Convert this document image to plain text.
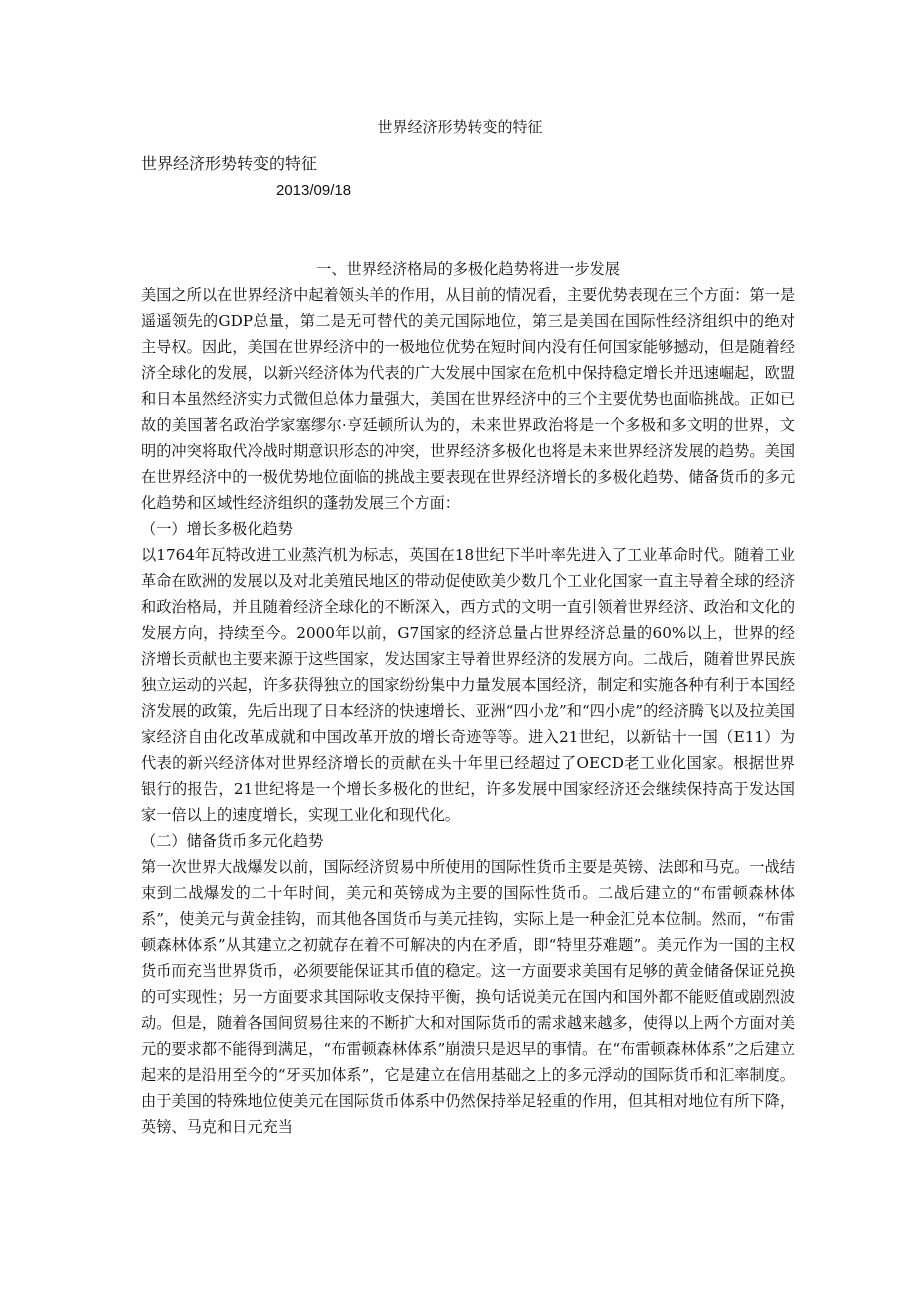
世界经济形势转变的特征
世界经济形势转变的特征
2013/09/18

一、世界经济格局的多极化趋势将进一步发展

美国之所以在世界经济中起着领头羊的作用，从目前的情况看，主要优势表现在三个方面：第一是遥遥领先的GDP总量，第二是无可替代的美元国际地位，第三是美国在国际性经济组织中的绝对主导权。因此，美国在世界经济中的一极地位优势在短时间内没有任何国家能够撼动，但是随着经济全球化的发展，以新兴经济体为代表的广大发展中国家在危机中保持稳定增长并迅速崛起，欧盟和日本虽然经济实力式微但总体力量强大，美国在世界经济中的三个主要优势也面临挑战。正如已故的美国著名政治学家塞缪尔·亨廷顿所认为的，未来世界政治将是一个多极和多文明的世界，文明的冲突将取代冷战时期意识形态的冲突，世界经济多极化也将是未来世界经济发展的趋势。美国在世界经济中的一极优势地位面临的挑战主要表现在世界经济增长的多极化趋势、储备货币的多元化趋势和区域性经济组织的蓬勃发展三个方面：

（一）增长多极化趋势

以1764年瓦特改进工业蒸汽机为标志，英国在18世纪下半叶率先进入了工业革命时代。随着工业革命在欧洲的发展以及对北美殖民地区的带动促使欧美少数几个工业化国家一直主导着全球的经济和政治格局，并且随着经济全球化的不断深入，西方式的文明一直引领着世界经济、政治和文化的发展方向，持续至今。2000年以前，G7国家的经济总量占世界经济总量的60%以上，世界的经济增长贡献也主要来源于这些国家，发达国家主导着世界经济的发展方向。二战后，随着世界民族独立运动的兴起，许多获得独立的国家纷纷集中力量发展本国经济，制定和实施各种有利于本国经济发展的政策，先后出现了日本经济的快速增长、亚洲“四小龙”和“四小虎”的经济腾飞以及拉美国家经济自由化改革成就和中国改革开放的增长奇迹等等。进入21世纪，以新钻十一国（E11）为代表的新兴经济体对世界经济增长的贡献在头十年里已经超过了OECD老工业化国家。根据世界银行的报告，21世纪将是一个增长多极化的世纪，许多发展中国家经济还会继续保持高于发达国家一倍以上的速度增长，实现工业化和现代化。

（二）储备货币多元化趋势

第一次世界大战爆发以前，国际经济贸易中所使用的国际性货币主要是英镑、法郎和马克。一战结束到二战爆发的二十年时间，美元和英镑成为主要的国际性货币。二战后建立的“布雷顿森林体系”，使美元与黄金挂钩，而其他各国货币与美元挂钩，实际上是一种金汇兑本位制。然而，“布雷顿森林体系”从其建立之初就存在着不可解决的内在矛盾，即“特里芬难题”。美元作为一国的主权货币而充当世界货币，必须要能保证其币值的稳定。这一方面要求美国有足够的黄金储备保证兑换的可实现性；另一方面要求其国际收支保持平衡，换句话说美元在国内和国外都不能贬值或剧烈波动。但是，随着各国间贸易往来的不断扩大和对国际货币的需求越来越多，使得以上两个方面对美元的要求都不能得到满足，“布雷顿森林体系”崩溃只是迟早的事情。在“布雷顿森林体系”之后建立起来的是沿用至今的“牙买加体系”，它是建立在信用基础之上的多元浮动的国际货币和汇率制度。由于美国的特殊地位使美元在国际货币体系中仍然保持举足轻重的作用，但其相对地位有所下降，英镑、马克和日元充当
